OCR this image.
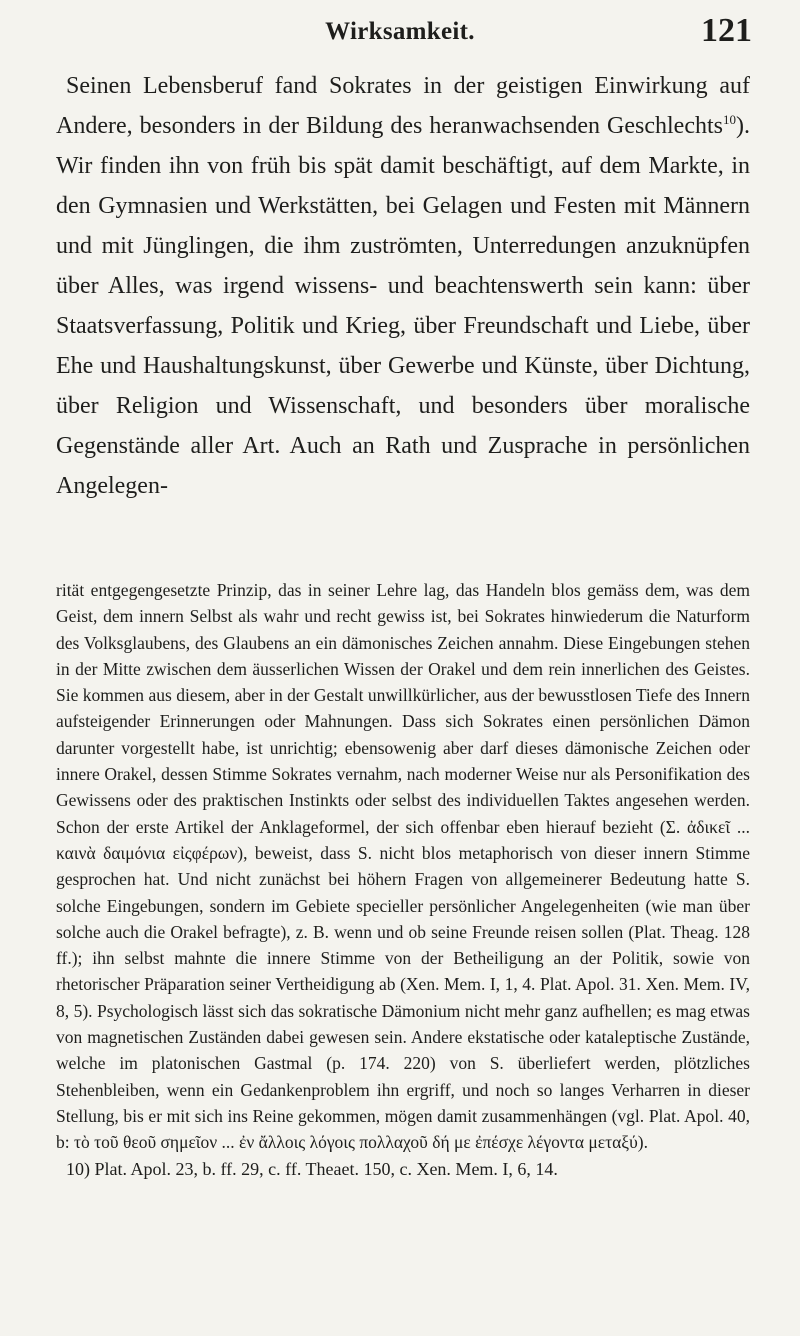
Wirksamkeit.	121

Seinen Lebensberuf fand Sokrates in der geistigen Einwirkung auf Andere, besonders in der Bildung des heranwachsenden Geschlechts$^{10}$). Wir finden ihn von früh bis spät damit beschäftigt, auf dem Markte, in den Gymnasien und Werkstätten, bei Gelagen und Festen mit Männern und mit Jünglingen, die ihm zuströmten, Unterredungen anzuknüpfen über Alles, was irgend wissens- und beachtenswerth sein kann: über Staatsverfassung, Politik und Krieg, über Freundschaft und Liebe, über Ehe und Haushaltungskunst, über Gewerbe und Künste, über Dichtung, über Religion und Wissenschaft, und besonders über moralische Gegenstände aller Art. Auch an Rath und Zusprache in persönlichen Angelegen-

rität entgegengesetzte Prinzip, das in seiner Lehre lag, das Handeln blos gemäss dem, was dem Geist, dem innern Selbst als wahr und recht gewiss ist, bei Sokrates hinwiederum die Naturform des Volksglaubens, des Glaubens an ein dämonisches Zeichen annahm. Diese Eingebungen stehen in der Mitte zwischen dem äusserlichen Wissen der Orakel und dem rein innerlichen des Geistes. Sie kommen aus diesem, aber in der Gestalt unwillkürlicher, aus der bewusstlosen Tiefe des Innern aufsteigender Erinnerungen oder Mahnungen. Dass sich Sokrates einen persönlichen Dämon darunter vorgestellt habe, ist unrichtig; ebensowenig aber darf dieses dämonische Zeichen oder innere Orakel, dessen Stimme Sokrates vernahm, nach moderner Weise nur als Personifikation des Gewissens oder des praktischen Instinkts oder selbst des individuellen Taktes angesehen werden. Schon der erste Artikel der Anklageformel, der sich offenbar eben hierauf bezieht (Σ. ἀδικεῖ ... καινὰ δαιμόνια εἰςφέρων), beweist, dass S. nicht blos metaphorisch von dieser innern Stimme gesprochen hat. Und nicht zunächst bei höhern Fragen von allgemeinerer Bedeutung hatte S. solche Eingebungen, sondern im Gebiete specieller persönlicher Angelegenheiten (wie man über solche auch die Orakel befragte), z. B. wenn und ob seine Freunde reisen sollen (Plat. Theag. 128 ff.); ihn selbst mahnte die innere Stimme von der Betheiligung an der Politik, sowie von rhetorischer Präparation seiner Vertheidigung ab (Xen. Mem. I, 1, 4. Plat. Apol. 31. Xen. Mem. IV, 8, 5). Psychologisch lässt sich das sokratische Dämonium nicht mehr ganz aufhellen; es mag etwas von magnetischen Zuständen dabei gewesen sein. Andere ekstatische oder kataleptische Zustände, welche im platonischen Gastmal (p. 174. 220) von S. überliefert werden, plötzliches Stehenbleiben, wenn ein Gedankenproblem ihn ergriff, und noch so langes Verharren in dieser Stellung, bis er mit sich ins Reine gekommen, mögen damit zusammenhängen (vgl. Plat. Apol. 40, b: τὸ τοῦ θεοῦ σημεῖον ... ἐν ἄλλοις λόγοις πολλαχοῦ δή με ἐπέσχε λέγοντα μεταξύ).

10) Plat. Apol. 23, b. ff. 29, c. ff. Theaet. 150, c. Xen. Mem. I, 6, 14.
